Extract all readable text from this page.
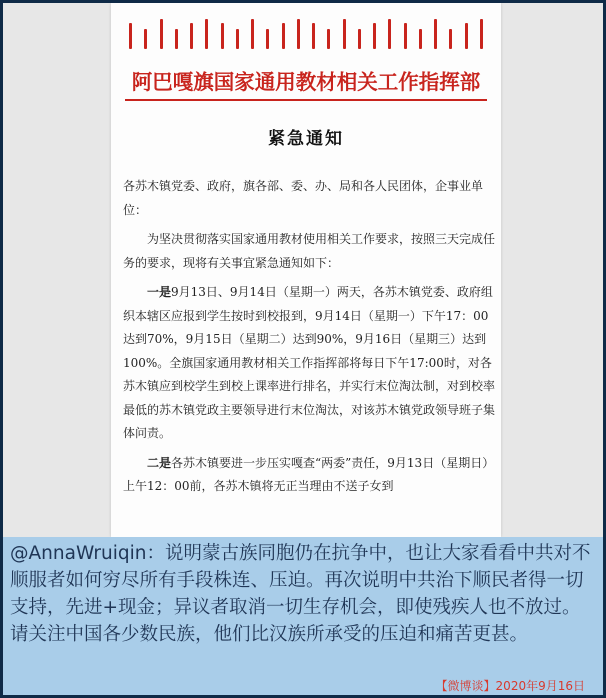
阿巴嘎旗国家通用教材相关工作指挥部
紧急通知

各苏木镇党委、政府，旗各部、委、办、局和各人民团体，企事业单位：

为坚决贯彻落实国家通用教材使用相关工作要求，按照三天完成任务的要求，现将有关事宜紧急通知如下：

一是9月13日、9月14日（星期一）两天，各苏木镇党委、政府组织本辖区应报到学生按时到校报到，9月14日（星期一）下午17：00达到70%，9月15日（星期二）达到90%，9月16日（星期三）达到100%。全旗国家通用教材相关工作指挥部将每日下午17:00时，对各苏木镇应到校学生到校上课率进行排名，并实行末位淘汰制，对到校率最低的苏木镇党政主要领导进行末位淘汰，对该苏木镇党政领导班子集体问责。

二是各苏木镇要进一步压实嘎查“两委”责任，9月13日（星期日）上午12：00前，各苏木镇将无正当理由不送子女到

@AnnaWruiqin：说明蒙古族同胞仍在抗争中，也让大家看看中共对不顺服者如何穷尽所有手段株连、压迫。再次说明中共治下顺民者得一切支持，先进+现金；异议者取消一切生存机会，即使残疾人也不放过。请关注中国各少数民族，他们比汉族所承受的压迫和痛苦更甚。
【微博谈】2020年9月16日
